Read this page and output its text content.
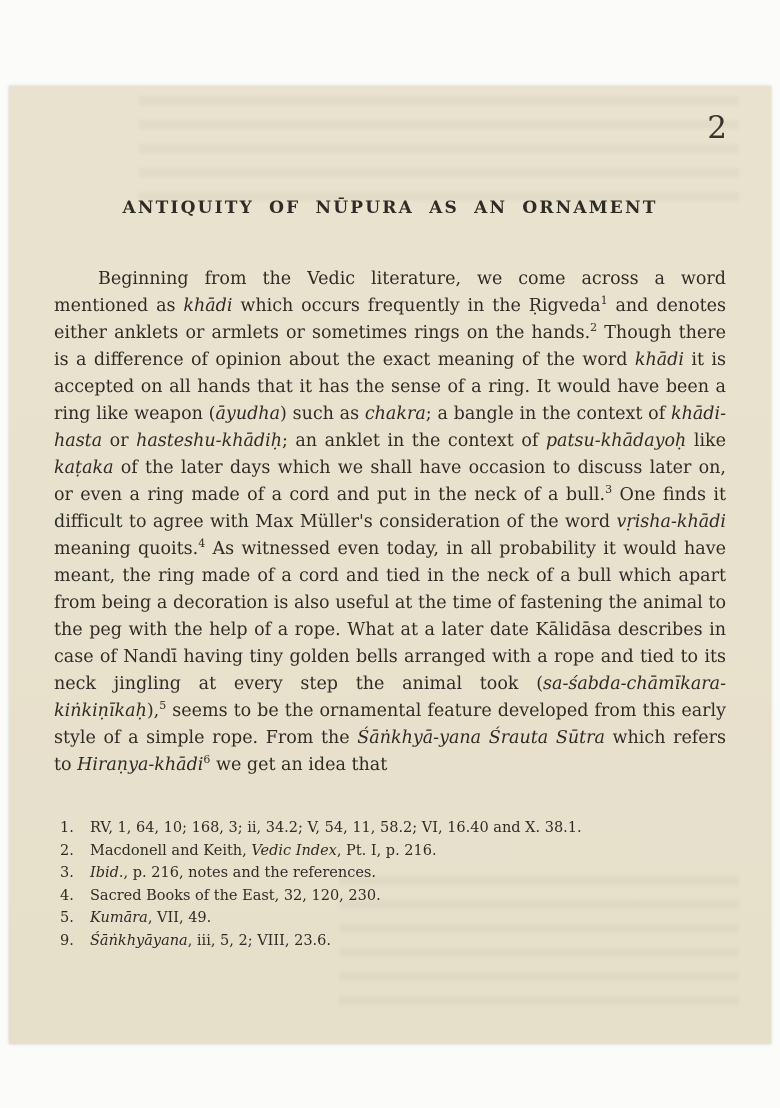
2
ANTIQUITY OF NŪPURA AS AN ORNAMENT

Beginning from the Vedic literature, we come across a word mentioned as khādi which occurs frequently in the Ṛigveda$^1$ and denotes either anklets or armlets or sometimes rings on the hands.$^2$ Though there is a difference of opinion about the exact meaning of the word khādi it is accepted on all hands that it has the sense of a ring. It would have been a ring like weapon (āyudha) such as chakra; a bangle in the context of khādi-hasta or hasteshu-khādiḥ; an anklet in the context of patsu-khādayoḥ like kaṭaka of the later days which we shall have occasion to discuss later on, or even a ring made of a cord and put in the neck of a bull.$^3$ One finds it difficult to agree with Max Müller's consideration of the word vṛisha-khādi meaning quoits.$^4$ As witnessed even today, in all probability it would have meant, the ring made of a cord and tied in the neck of a bull which apart from being a decoration is also useful at the time of fastening the animal to the peg with the help of a rope. What at a later date Kālidāsa describes in case of Nandī having tiny golden bells arranged with a rope and tied to its neck jingling at every step the animal took (sa-śabda-chāmīkara-kiṅkiṇīkaḥ),$^5$ seems to be the ornamental feature developed from this early style of a simple rope. From the Śāṅkhyā-yana Śrauta Sūtra which refers to Hiraṇya-khādi$^6$ we get an idea that

1.	RV, 1, 64, 10; 168, 3; ii, 34.2; V, 54, 11, 58.2; VI, 16.40 and X. 38.1.
2.	Macdonell and Keith, Vedic Index, Pt. I, p. 216.
3.	Ibid., p. 216, notes and the references.
4.	Sacred Books of the East, 32, 120, 230.
5.	Kumāra, VII, 49.
9.	Śāṅkhyāyana, iii, 5, 2; VIII, 23.6.
